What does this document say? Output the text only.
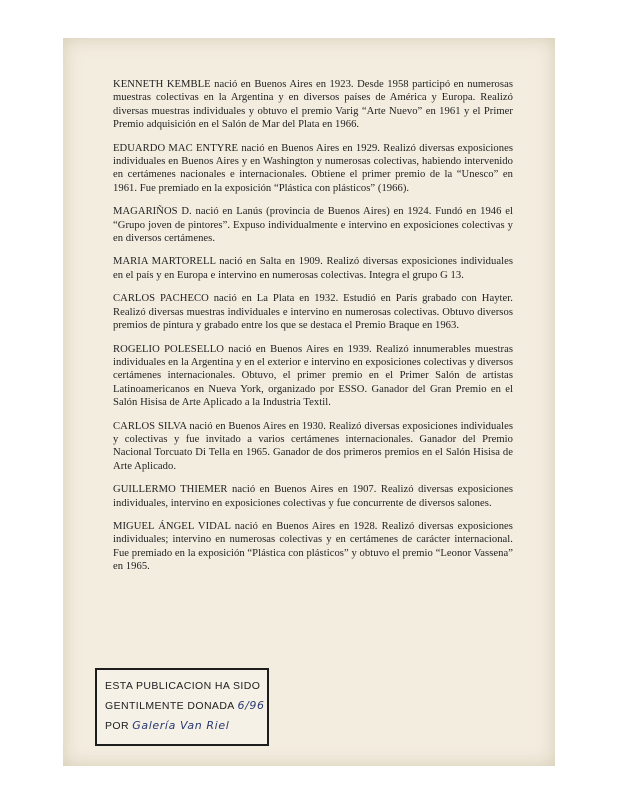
KENNETH KEMBLE nació en Buenos Aires en 1923. Desde 1958 participó en numerosas muestras colectivas en la Argentina y en diversos países de América y Europa. Realizó diversas muestras individuales y obtuvo el premio Varig “Arte Nuevo” en 1961 y el Primer Premio adquisición en el Salón de Mar del Plata en 1966.

EDUARDO MAC ENTYRE nació en Buenos Aires en 1929. Realizó diversas exposiciones individuales en Buenos Aires y en Washington y numerosas colectivas, habiendo intervenido en certámenes nacionales e internacionales. Obtiene el primer premio de la “Unesco” en 1961. Fue premiado en la exposición “Plástica con plásticos” (1966).

MAGARIÑOS D. nació en Lanús (provincia de Buenos Aires) en 1924. Fundó en 1946 el “Grupo joven de pintores”. Expuso individualmente e intervino en exposiciones colectivas y en diversos certámenes.

MARIA MARTORELL nació en Salta en 1909. Realizó diversas exposiciones individuales en el país y en Europa e intervino en numerosas colectivas. Integra el grupo G 13.

CARLOS PACHECO nació en La Plata en 1932. Estudió en París grabado con Hayter. Realizó diversas muestras individuales e intervino en numerosas colectivas. Obtuvo diversos premios de pintura y grabado entre los que se destaca el Premio Braque en 1963.

ROGELIO POLESELLO nació en Buenos Aires en 1939. Realizó innumerables muestras individuales en la Argentina y en el exterior e intervino en exposiciones colectivas y diversos certámenes internacionales. Obtuvo, el primer premio en el Primer Salón de artistas Latinoamericanos en Nueva York, organizado por ESSO. Ganador del Gran Premio en el Salón Hisisa de Arte Aplicado a la Industria Textil.

CARLOS SILVA nació en Buenos Aires en 1930. Realizó diversas exposiciones individuales y colectivas y fue invitado a varios certámenes internacionales. Ganador del Premio Nacional Torcuato Di Tella en 1965. Ganador de dos primeros premios en el Salón Hisisa de Arte Aplicado.

GUILLERMO THIEMER nació en Buenos Aires en 1907. Realizó diversas exposiciones individuales, intervino en exposiciones colectivas y fue concurrente de diversos salones.

MIGUEL ÁNGEL VIDAL nació en Buenos Aires en 1928. Realizó diversas exposiciones individuales; intervino en numerosas colectivas y en certámenes de carácter internacional. Fue premiado en la exposición “Plástica con plásticos” y obtuvo el premio “Leonor Vassena” en 1965.

ESTA PUBLICACION HA SIDO
GENTILMENTE DONADA 6/96
POR Galería Van Riel
